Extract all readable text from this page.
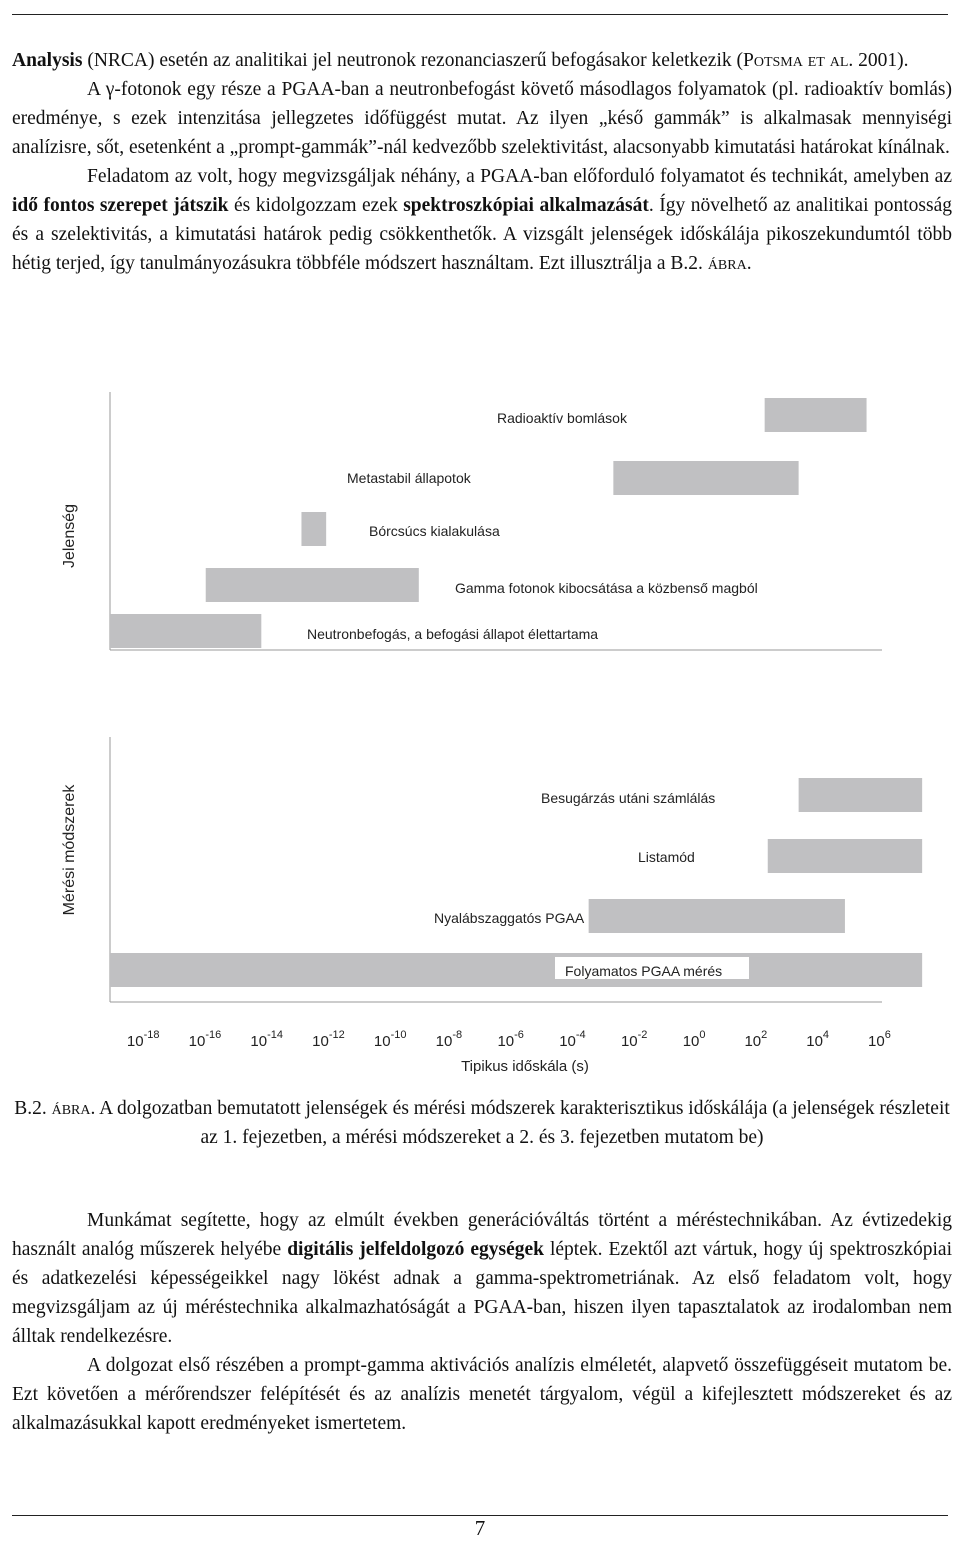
Analysis (NRCA) esetén az analitikai jel neutronok rezonanciaszerű befogásakor keletkezik (Potsma et al. 2001).

A γ-fotonok egy része a PGAA-ban a neutronbefogást követő másodlagos folyamatok (pl. radioaktív bomlás) eredménye, s ezek intenzitása jellegzetes időfüggést mutat. Az ilyen „késő gammák” is alkalmasak mennyiségi analízisre, sőt, esetenként a „prompt-gammák”-nál kedvezőbb szelektivitást, alacsonyabb kimutatási határokat kínálnak.

Feladatom az volt, hogy megvizsgáljak néhány, a PGAA-ban előforduló folyamatot és technikát, amelyben az idő fontos szerepet játszik és kidolgozzam ezek spektroszkópiai alkalmazását. Így növelhető az analitikai pontosság és a szelektivitás, a kimutatási határok pedig csökkenthetők. A vizsgált jelenségek időskálája pikoszekundumtól több hétig terjed, így tanulmányozásukra többféle módszert használtam. Ezt illusztrálja a B.2. ábra.

Jelenség
Radioaktív bomlások
Metastabil állapotok
Bórcsúcs kialakulása
Gamma fotonok kibocsátása a közbenső magból
Neutronbefogás, a befogási állapot élettartama
Mérési módszerek	Besugárzás utáni számlálás
Listamód
Nyalábszaggatós PGAA
Folyamatos PGAA mérés
$10^{-18}$ $10^{-16}$ $10^{-14}$ $10^{-12}$ $10^{-10}$ $10^{-8}$ $10^{-6}$ $10^{-4}$ $10^{-2}$ $10^0$	$10^2$	$10^4$	$10^6$
Tipikus időskála (s)
B.2. ábra. A dolgozatban bemutatott jelenségek és mérési módszerek karakterisztikus időskálája (a jelenségek részleteit az 1. fejezetben, a mérési módszereket a 2. és 3. fejezetben mutatom be)

Munkámat segítette, hogy az elmúlt években generációváltás történt a méréstechnikában. Az évtizedekig használt analóg műszerek helyébe digitális jelfeldolgozó egységek léptek. Ezektől azt vártuk, hogy új spektroszkópiai és adatkezelési képességeikkel nagy lökést adnak a gamma-spektrometriának. Az első feladatom volt, hogy megvizsgáljam az új méréstechnika alkalmazhatóságát a PGAA-ban, hiszen ilyen tapasztalatok az irodalomban nem álltak rendelkezésre.

A dolgozat első részében a prompt-gamma aktivációs analízis elméletét, alapvető összefüggéseit mutatom be. Ezt követően a mérőrendszer felépítését és az analízis menetét tárgyalom, végül a kifejlesztett módszereket és az alkalmazásukkal kapott eredményeket ismertetem.

7
